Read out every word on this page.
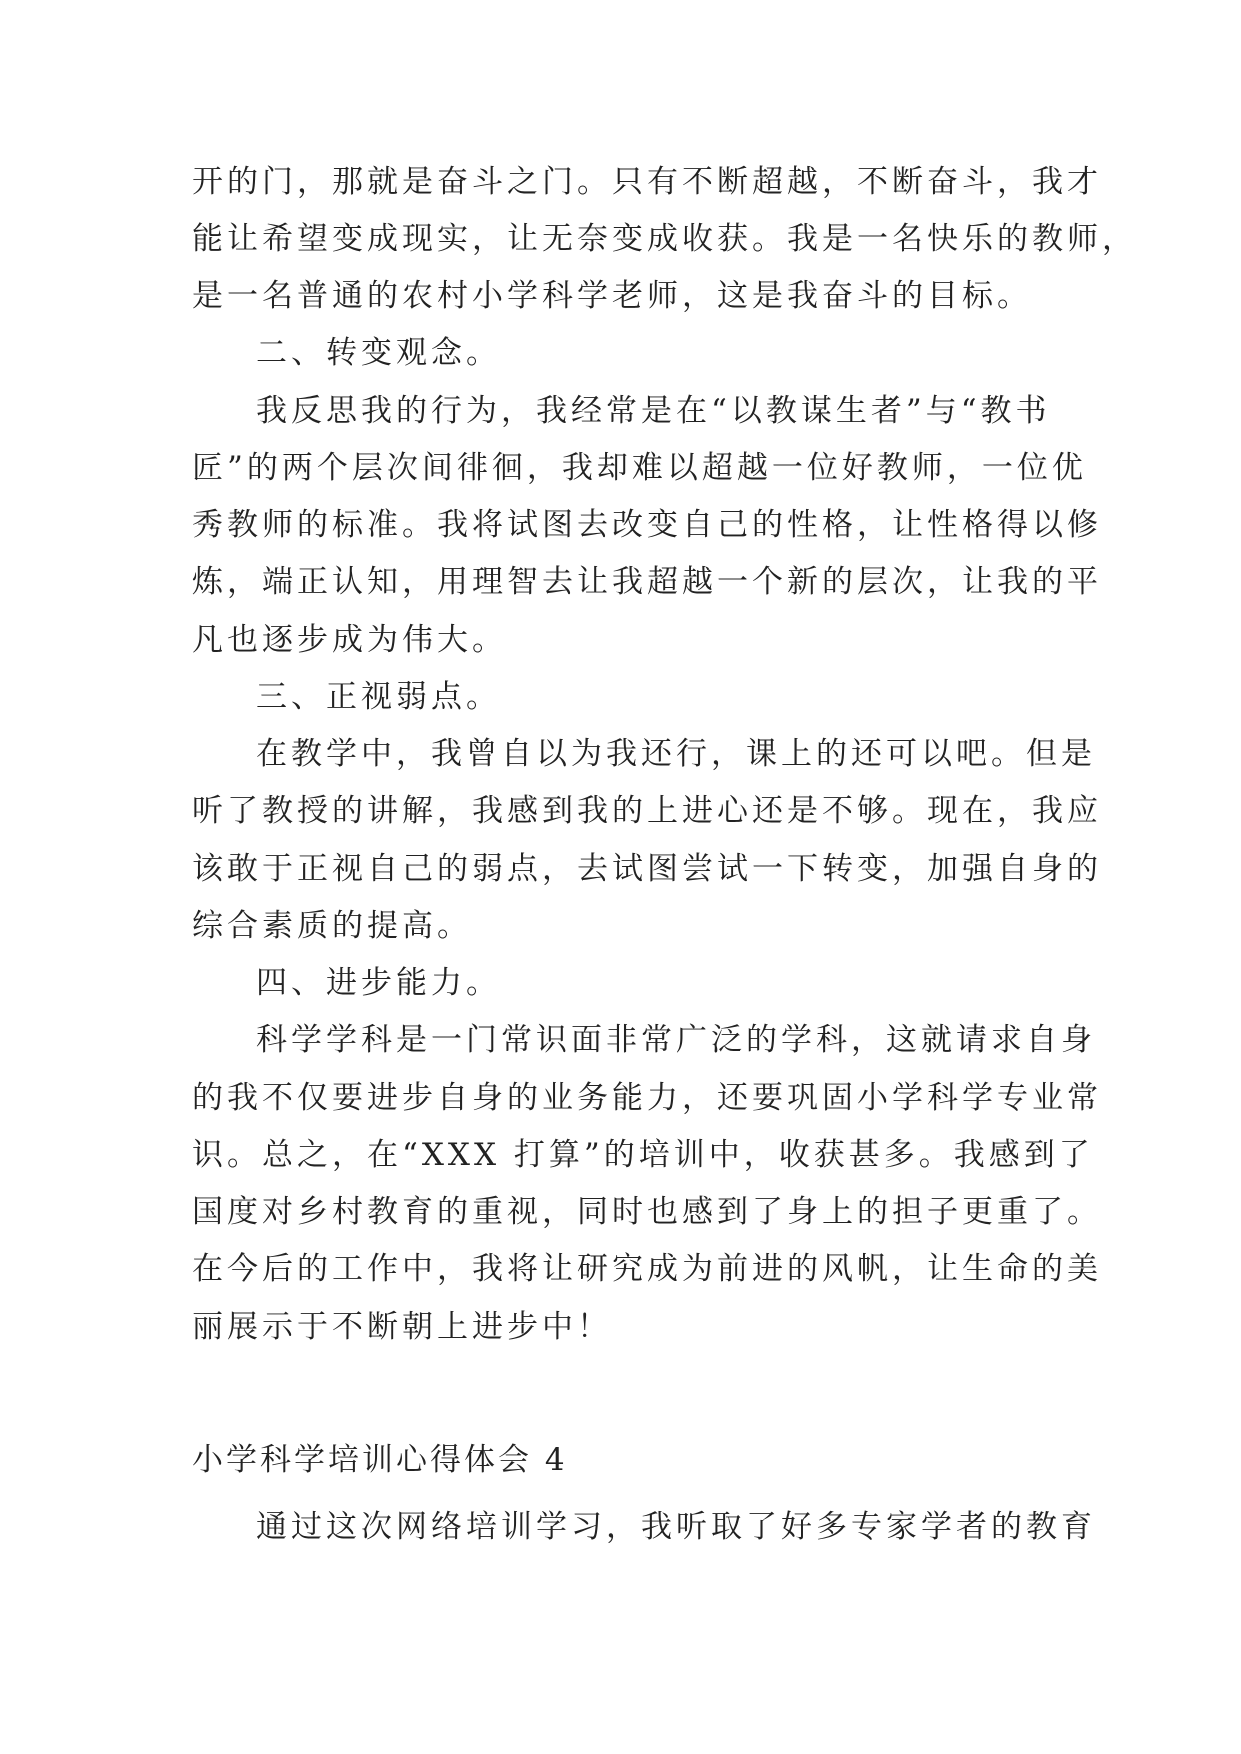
开的门，那就是奋斗之门。只有不断超越，不断奋斗，我才

能让希望变成现实，让无奈变成收获。我是一名快乐的教师，

是一名普通的农村小学科学老师，这是我奋斗的目标。

二、转变观念。

我反思我的行为，我经常是在“以教谋生者”与“教书

匠”的两个层次间徘徊，我却难以超越一位好教师，一位优

秀教师的标准。我将试图去改变自己的性格，让性格得以修

炼，端正认知，用理智去让我超越一个新的层次，让我的平

凡也逐步成为伟大。

三、正视弱点。

在教学中，我曾自以为我还行，课上的还可以吧。但是

听了教授的讲解，我感到我的上进心还是不够。现在，我应

该敢于正视自己的弱点，去试图尝试一下转变，加强自身的

综合素质的提高。

四、进步能力。

科学学科是一门常识面非常广泛的学科，这就请求自身

的我不仅要进步自身的业务能力，还要巩固小学科学专业常

识。总之，在“XXX 打算”的培训中，收获甚多。我感到了

国度对乡村教育的重视，同时也感到了身上的担子更重了。

在今后的工作中，我将让研究成为前进的风帆，让生命的美

丽展示于不断朝上进步中！

小学科学培训心得体会 4

通过这次网络培训学习，我听取了好多专家学者的教育
